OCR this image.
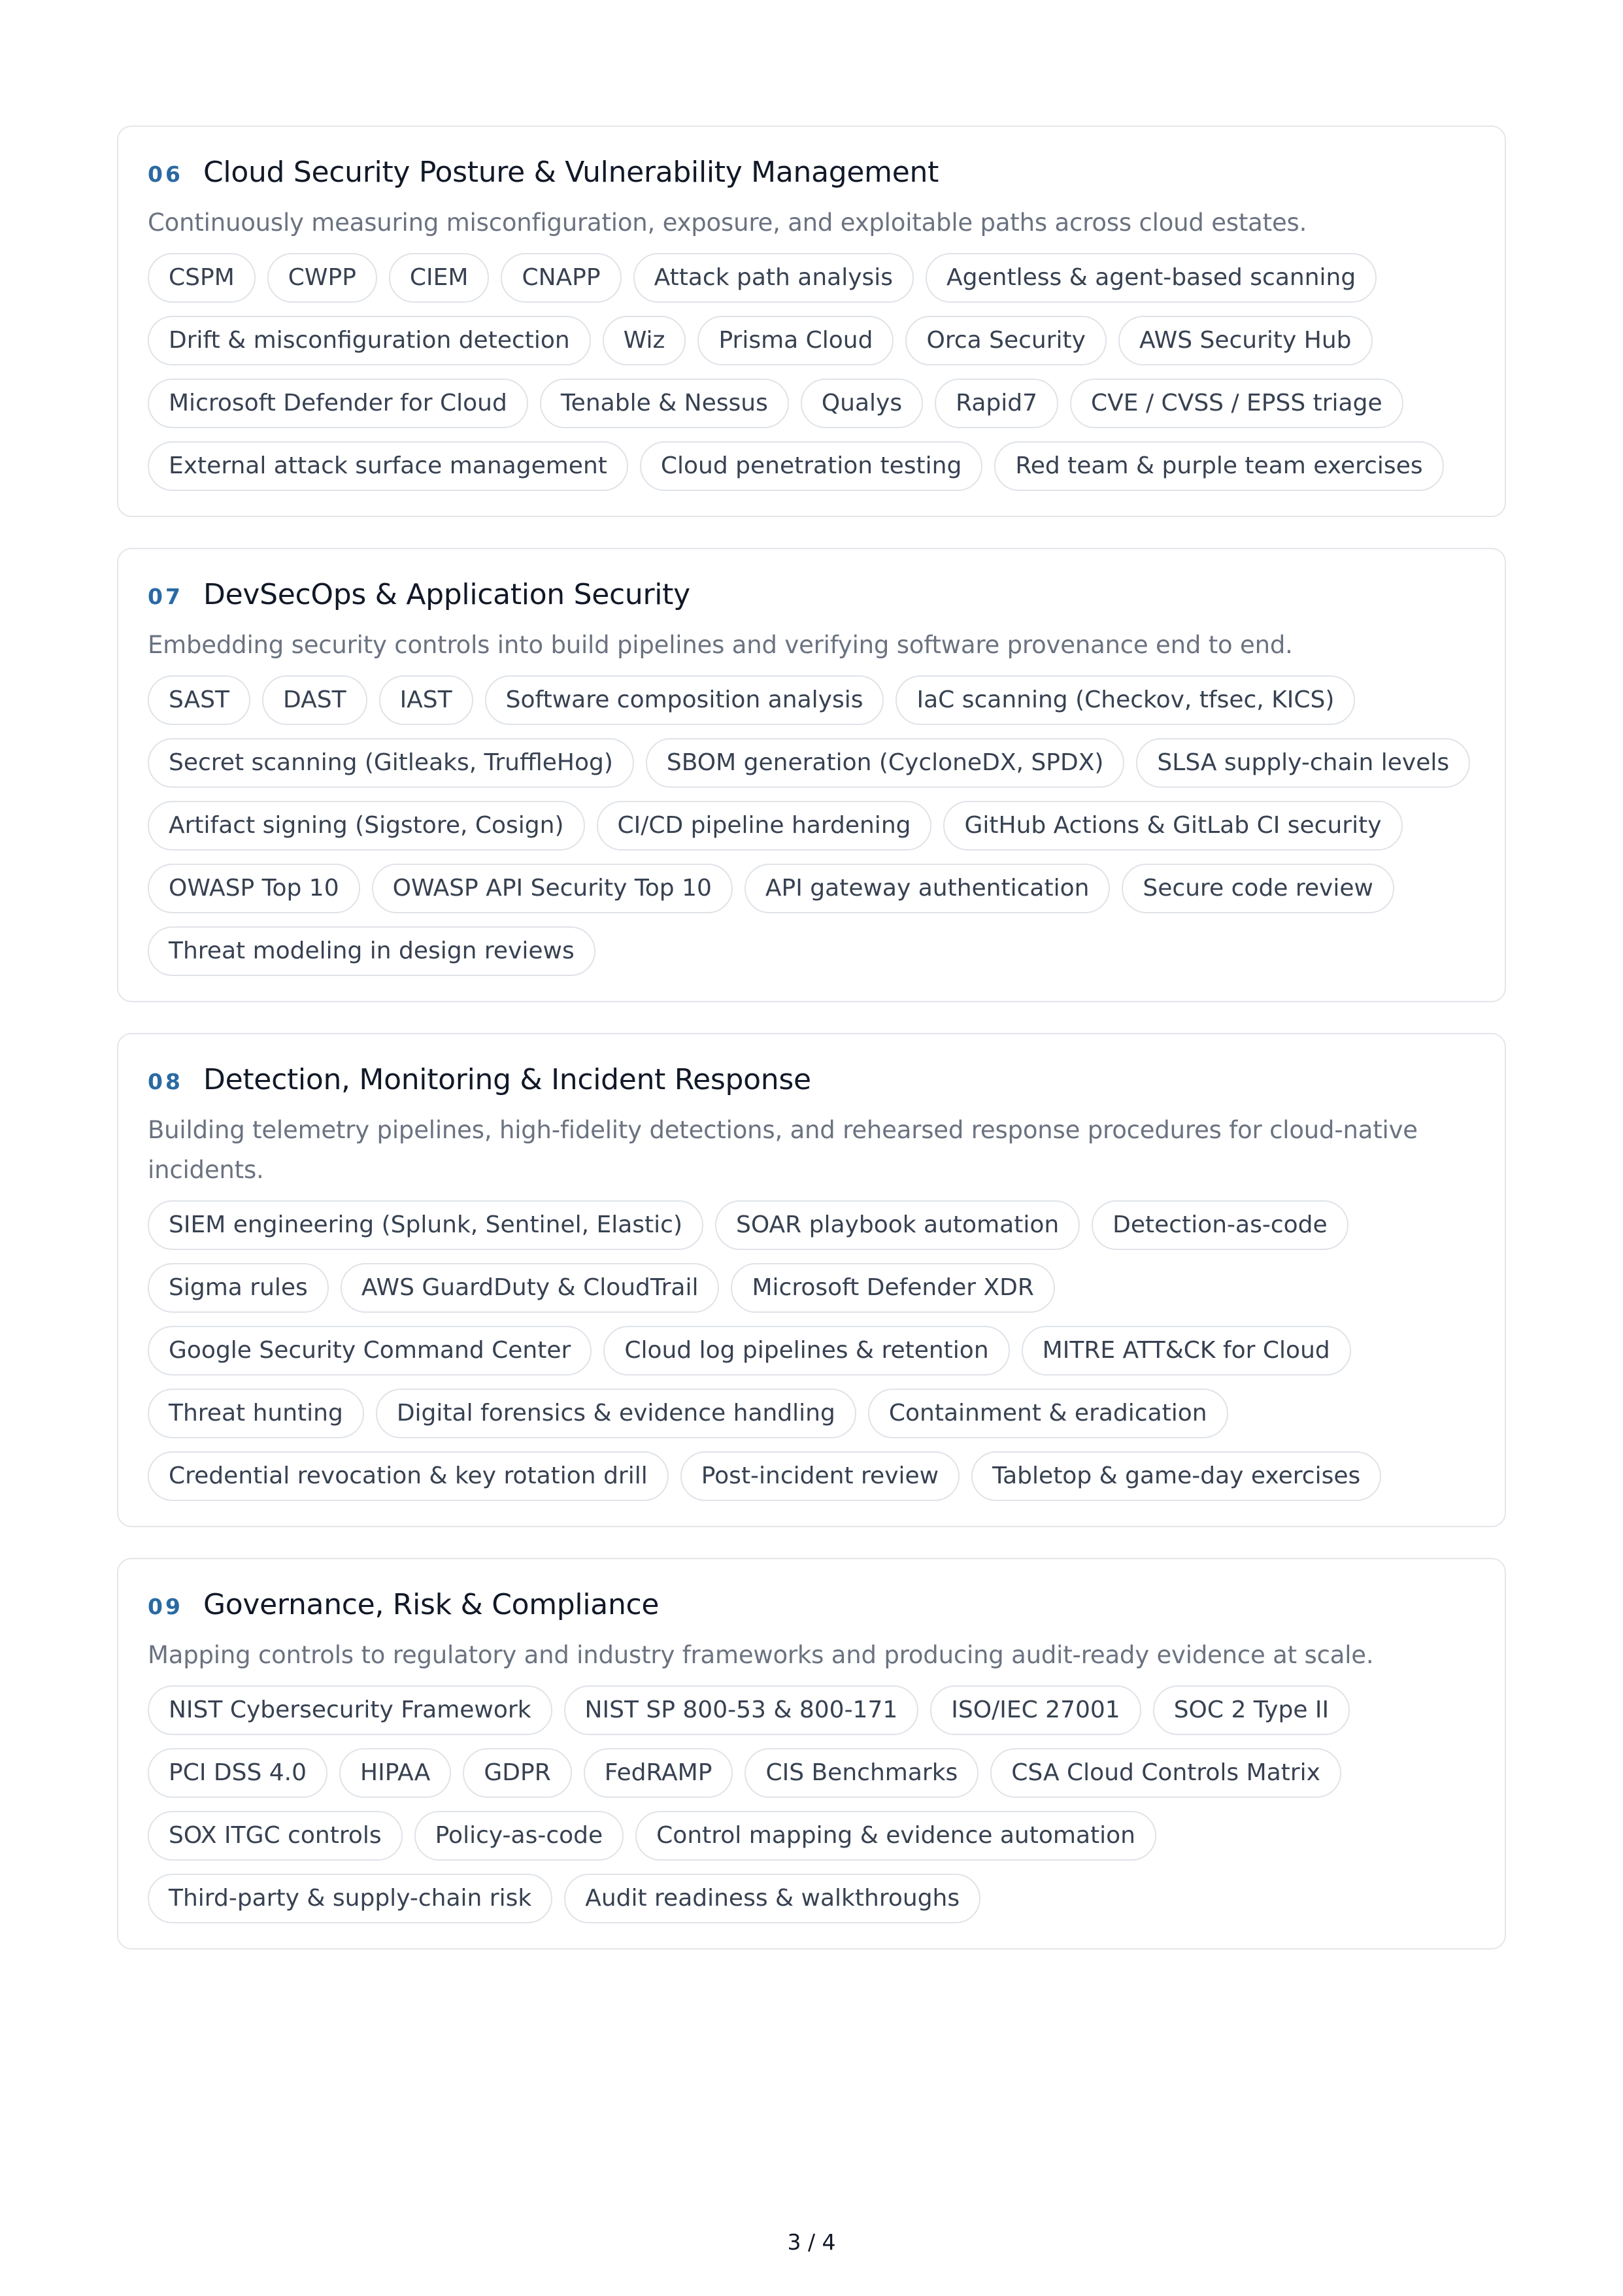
06 Cloud Security Posture & Vulnerability Management
Continuously measuring misconfiguration, exposure, and exploitable paths across cloud estates.
CSPM	CWPP	CIEM	CNAPP	Attack path analysis	Agentless & agent-based scanning
Drift & misconfiguration detection	Wiz	Prisma Cloud	Orca Security	AWS Security Hub
Microsoft Defender for Cloud	Tenable & Nessus	Qualys	Rapid7	CVE / CVSS / EPSS triage
External attack surface management	Cloud penetration testing	Red team & purple team exercises
07 DevSecOps & Application Security
Embedding security controls into build pipelines and verifying software provenance end to end.
SAST	DAST	IAST	Software composition analysis	IaC scanning (Checkov, tfsec, KICS)
Secret scanning (Gitleaks, TruffleHog)	SBOM generation (CycloneDX, SPDX)	SLSA supply-chain levels
Artifact signing (Sigstore, Cosign)	CI/CD pipeline hardening	GitHub Actions & GitLab CI security
OWASP Top 10	OWASP API Security Top 10	API gateway authentication	Secure code review
Threat modeling in design reviews
08 Detection, Monitoring & Incident Response
Building telemetry pipelines, high-fidelity detections, and rehearsed response procedures for cloud-native incidents.
SIEM engineering (Splunk, Sentinel, Elastic)	SOAR playbook automation	Detection-as-code
Sigma rules	AWS GuardDuty & CloudTrail	Microsoft Defender XDR
Google Security Command Center	Cloud log pipelines & retention	MITRE ATT&CK for Cloud
Threat hunting	Digital forensics & evidence handling	Containment & eradication
Credential revocation & key rotation drill	Post-incident review	Tabletop & game-day exercises
09 Governance, Risk & Compliance
Mapping controls to regulatory and industry frameworks and producing audit-ready evidence at scale.
NIST Cybersecurity Framework	NIST SP 800-53 & 800-171	ISO/IEC 27001	SOC 2 Type II
PCI DSS 4.0	HIPAA	GDPR	FedRAMP	CIS Benchmarks	CSA Cloud Controls Matrix
SOX ITGC controls	Policy-as-code	Control mapping & evidence automation
Third-party & supply-chain risk	Audit readiness & walkthroughs
3 / 4
